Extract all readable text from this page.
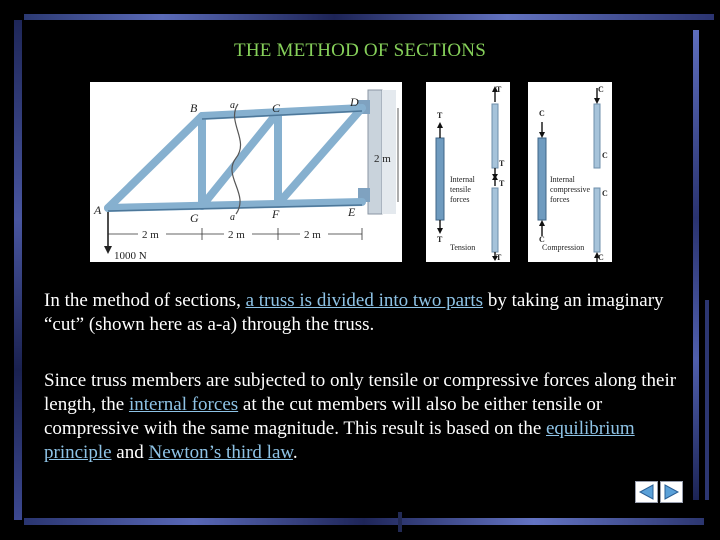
THE METHOD OF SECTIONS
B	C	D
A
G	F	E
a
a
2 m
2 m	2 m	2 m
1000 N
T
T
T
T
T
T
C
C
C
C
C
C
Internal
tensile
forces
Internal
compressive
forces
Tension	Compression

In the method of sections, a truss is divided into two parts by taking an imaginary “cut” (shown here as a-a) through the truss.

Since truss members are subjected to only tensile or compressive forces along their length, the internal forces at the cut members will also be either tensile or compressive with the same magnitude. This result is based on the equilibrium principle and Newton’s third law.
